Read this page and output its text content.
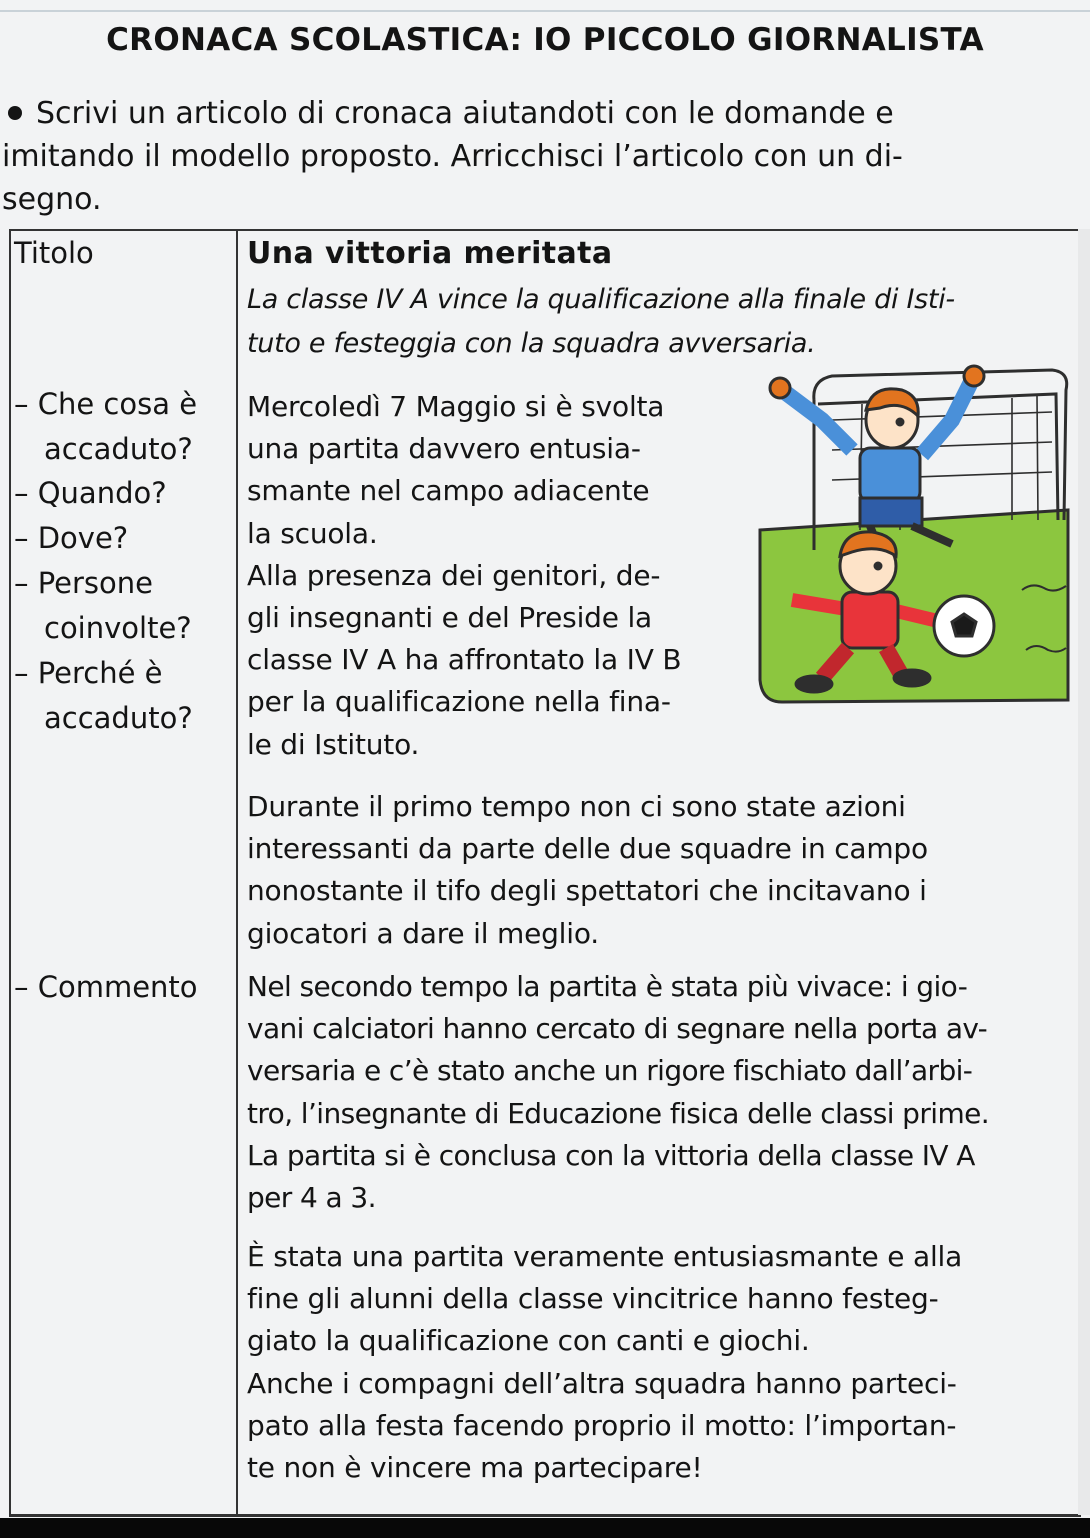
CRONACA SCOLASTICA: IO PICCOLO GIORNALISTA
Scrivi un articolo di cronaca aiutandoti con le domande e
imitando il modello proposto. Arricchisci l’articolo con un di-
segno.
Titolo
– Che cosa è
accaduto?
– Quando?
– Dove?
– Persone
coinvolte?
– Perché è
accaduto?
– Commento
Una vittoria meritata
La classe IV A vince la qualificazione alla finale di Isti-
tuto e festeggia con la squadra avversaria.
Mercoledì 7 Maggio si è svolta
una partita davvero entusia-
smante nel campo adiacente
la scuola.
Alla presenza dei genitori, de-
gli insegnanti e del Preside la
classe IV A ha affrontato la IV B
per la qualificazione nella fina-
le di Istituto.
Durante il primo tempo non ci sono state azioni
interessanti da parte delle due squadre in campo
nonostante il tifo degli spettatori che incitavano i
giocatori a dare il meglio.
Nel secondo tempo la partita è stata più vivace: i gio-
vani calciatori hanno cercato di segnare nella porta av-
versaria e c’è stato anche un rigore fischiato dall’arbi-
tro, l’insegnante di Educazione fisica delle classi prime.
La partita si è conclusa con la vittoria della classe IV A
per 4 a 3.
È stata una partita veramente entusiasmante e alla
fine gli alunni della classe vincitrice hanno festeg-
giato la qualificazione con canti e giochi.
Anche i compagni dell’altra squadra hanno parteci-
pato alla festa facendo proprio il motto: l’importan-
te non è vincere ma partecipare!
